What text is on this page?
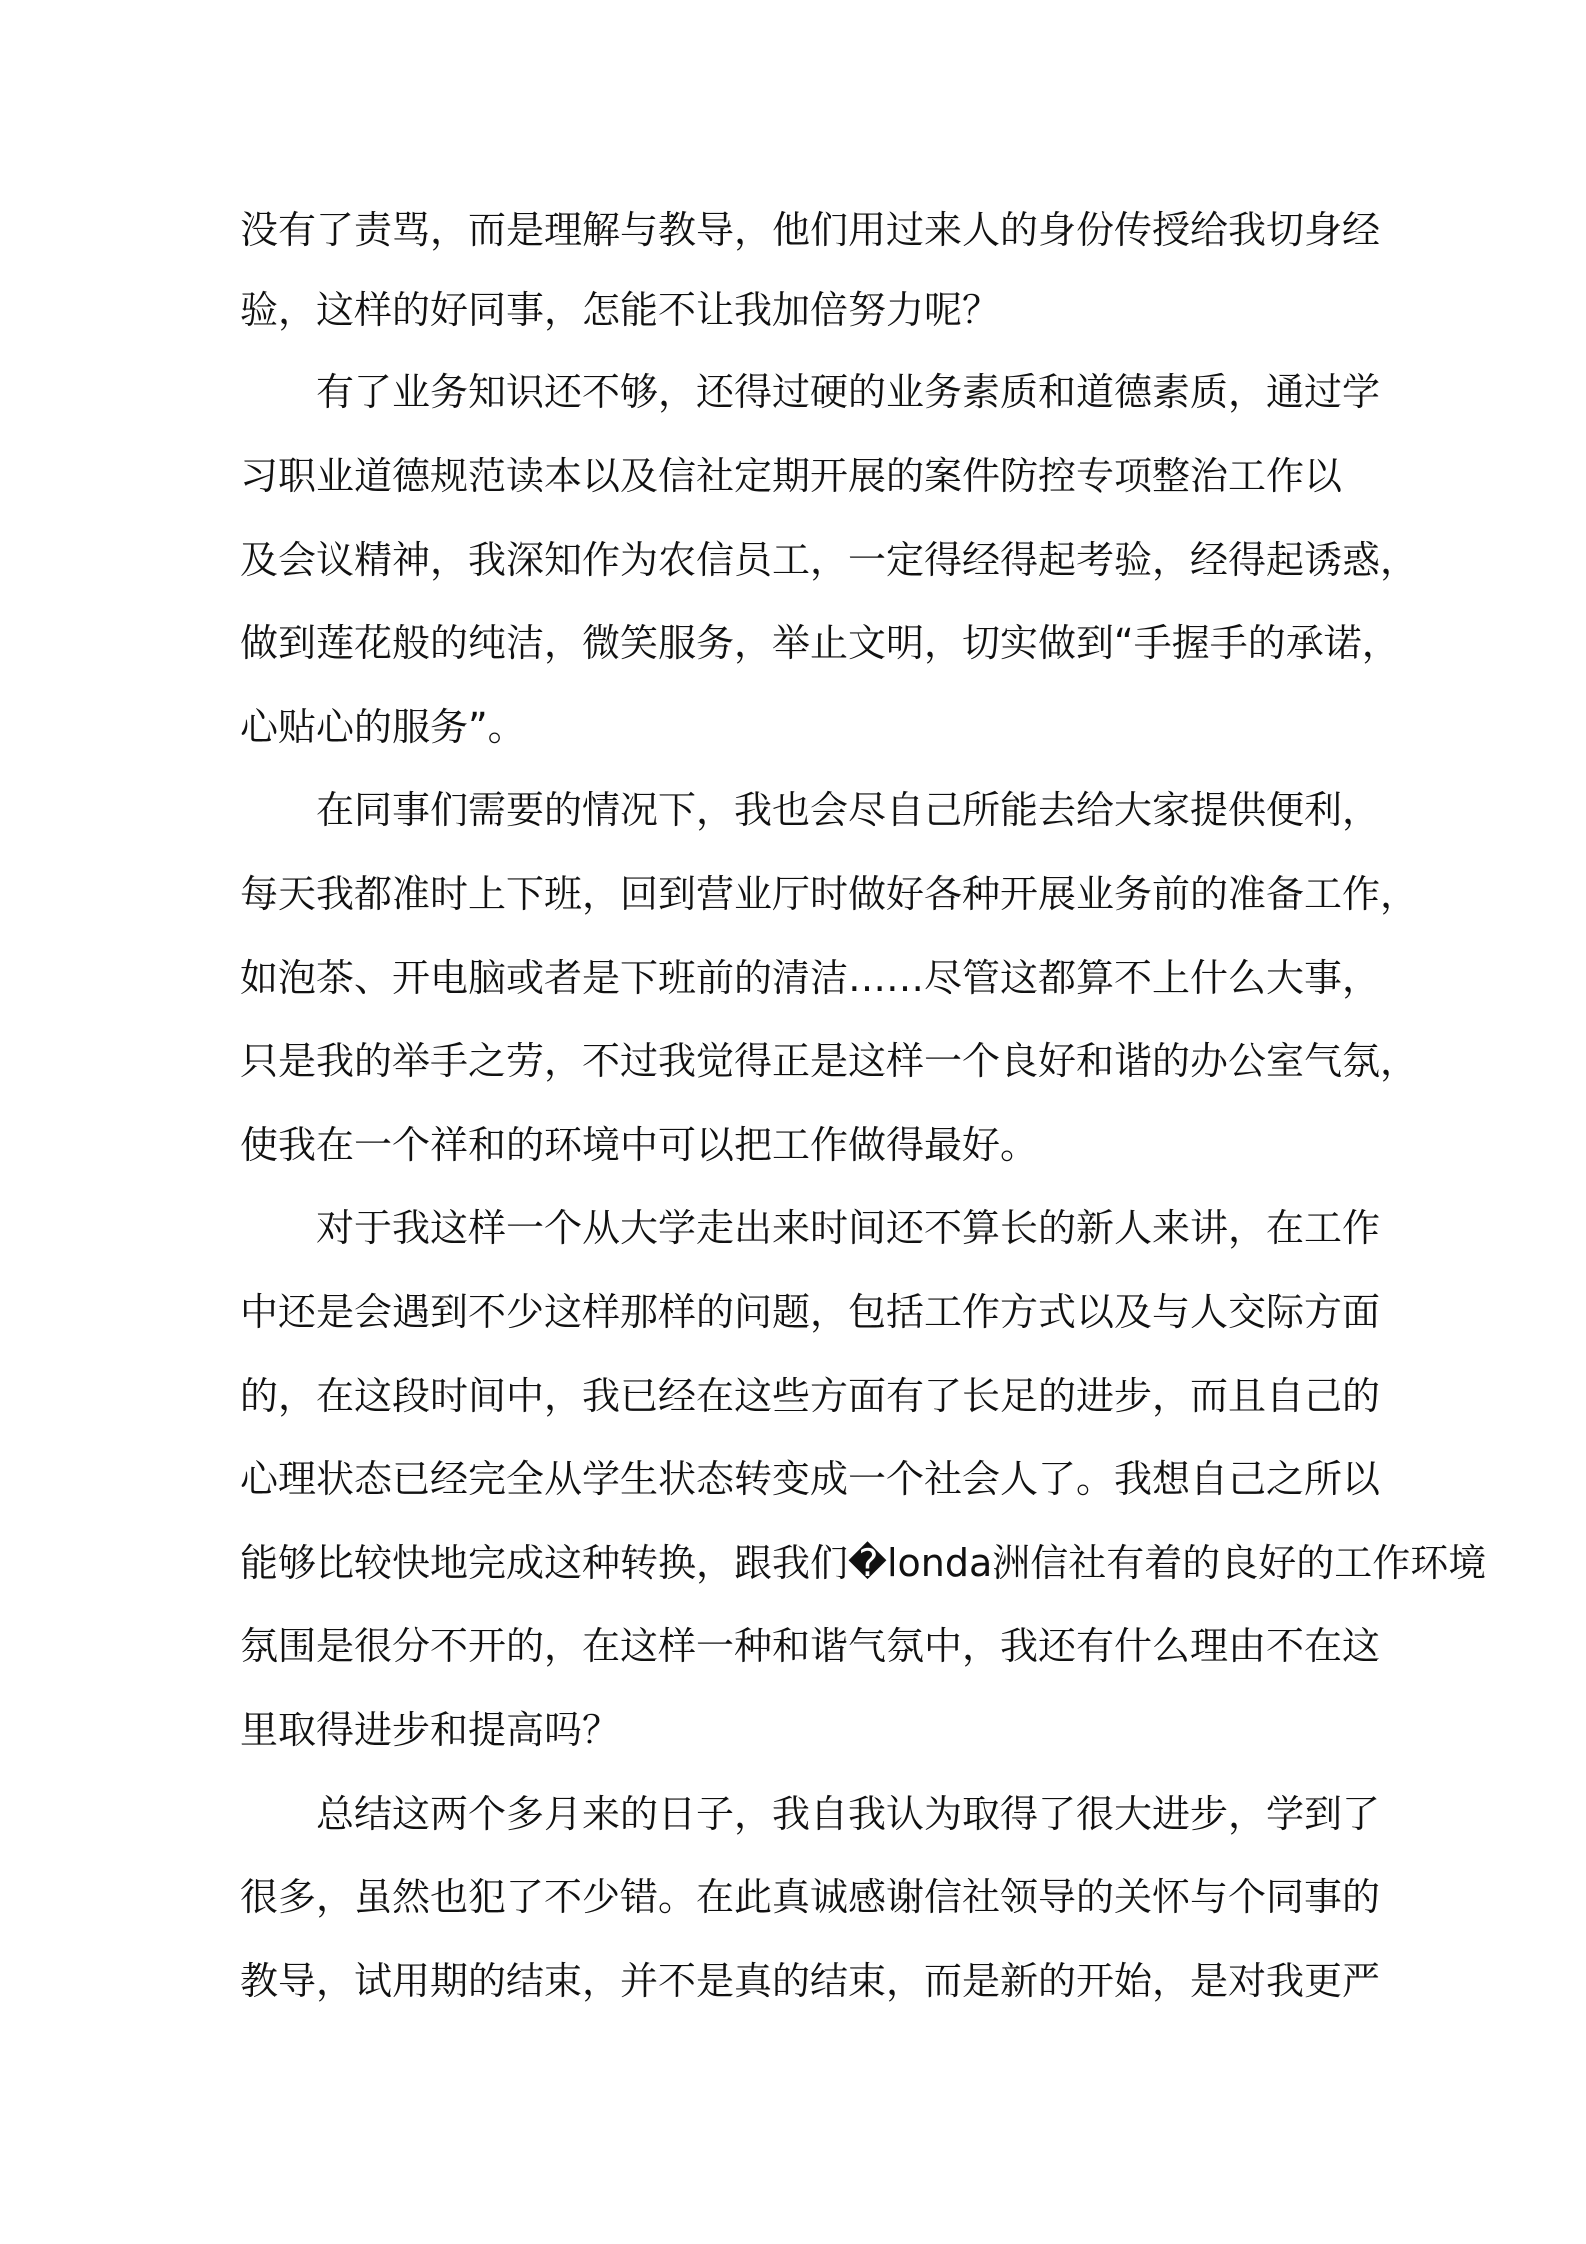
没有了责骂，而是理解与教导，他们用过来人的身份传授给我切身经
验，这样的好同事，怎能不让我加倍努力呢？
有了业务知识还不够，还得过硬的业务素质和道德素质，通过学
习职业道德规范读本以及信社定期开展的案件防控专项整治工作以
及会议精神，我深知作为农信员工，一定得经得起考验，经得起诱惑，
做到莲花般的纯洁，微笑服务，举止文明，切实做到“手握手的承诺，
心贴心的服务”。
在同事们需要的情况下，我也会尽自己所能去给大家提供便利，
每天我都准时上下班，回到营业厅时做好各种开展业务前的准备工作，
如泡茶、开电脑或者是下班前的清洁……尽管这都算不上什么大事，
只是我的举手之劳，不过我觉得正是这样一个良好和谐的办公室气氛，
使我在一个祥和的环境中可以把工作做得最好。
对于我这样一个从大学走出来时间还不算长的新人来讲，在工作
中还是会遇到不少这样那样的问题，包括工作方式以及与人交际方面
的，在这段时间中，我已经在这些方面有了长足的进步，而且自己的
心理状态已经完全从学生状态转变成一个社会人了。我想自己之所以
能够比较快地完成这种转换，跟我们�londa洲信社有着的良好的工作环境
氛围是很分不开的，在这样一种和谐气氛中，我还有什么理由不在这
里取得进步和提高吗？
总结这两个多月来的日子，我自我认为取得了很大进步，学到了
很多，虽然也犯了不少错。在此真诚感谢信社领导的关怀与个同事的
教导，试用期的结束，并不是真的结束，而是新的开始，是对我更严
